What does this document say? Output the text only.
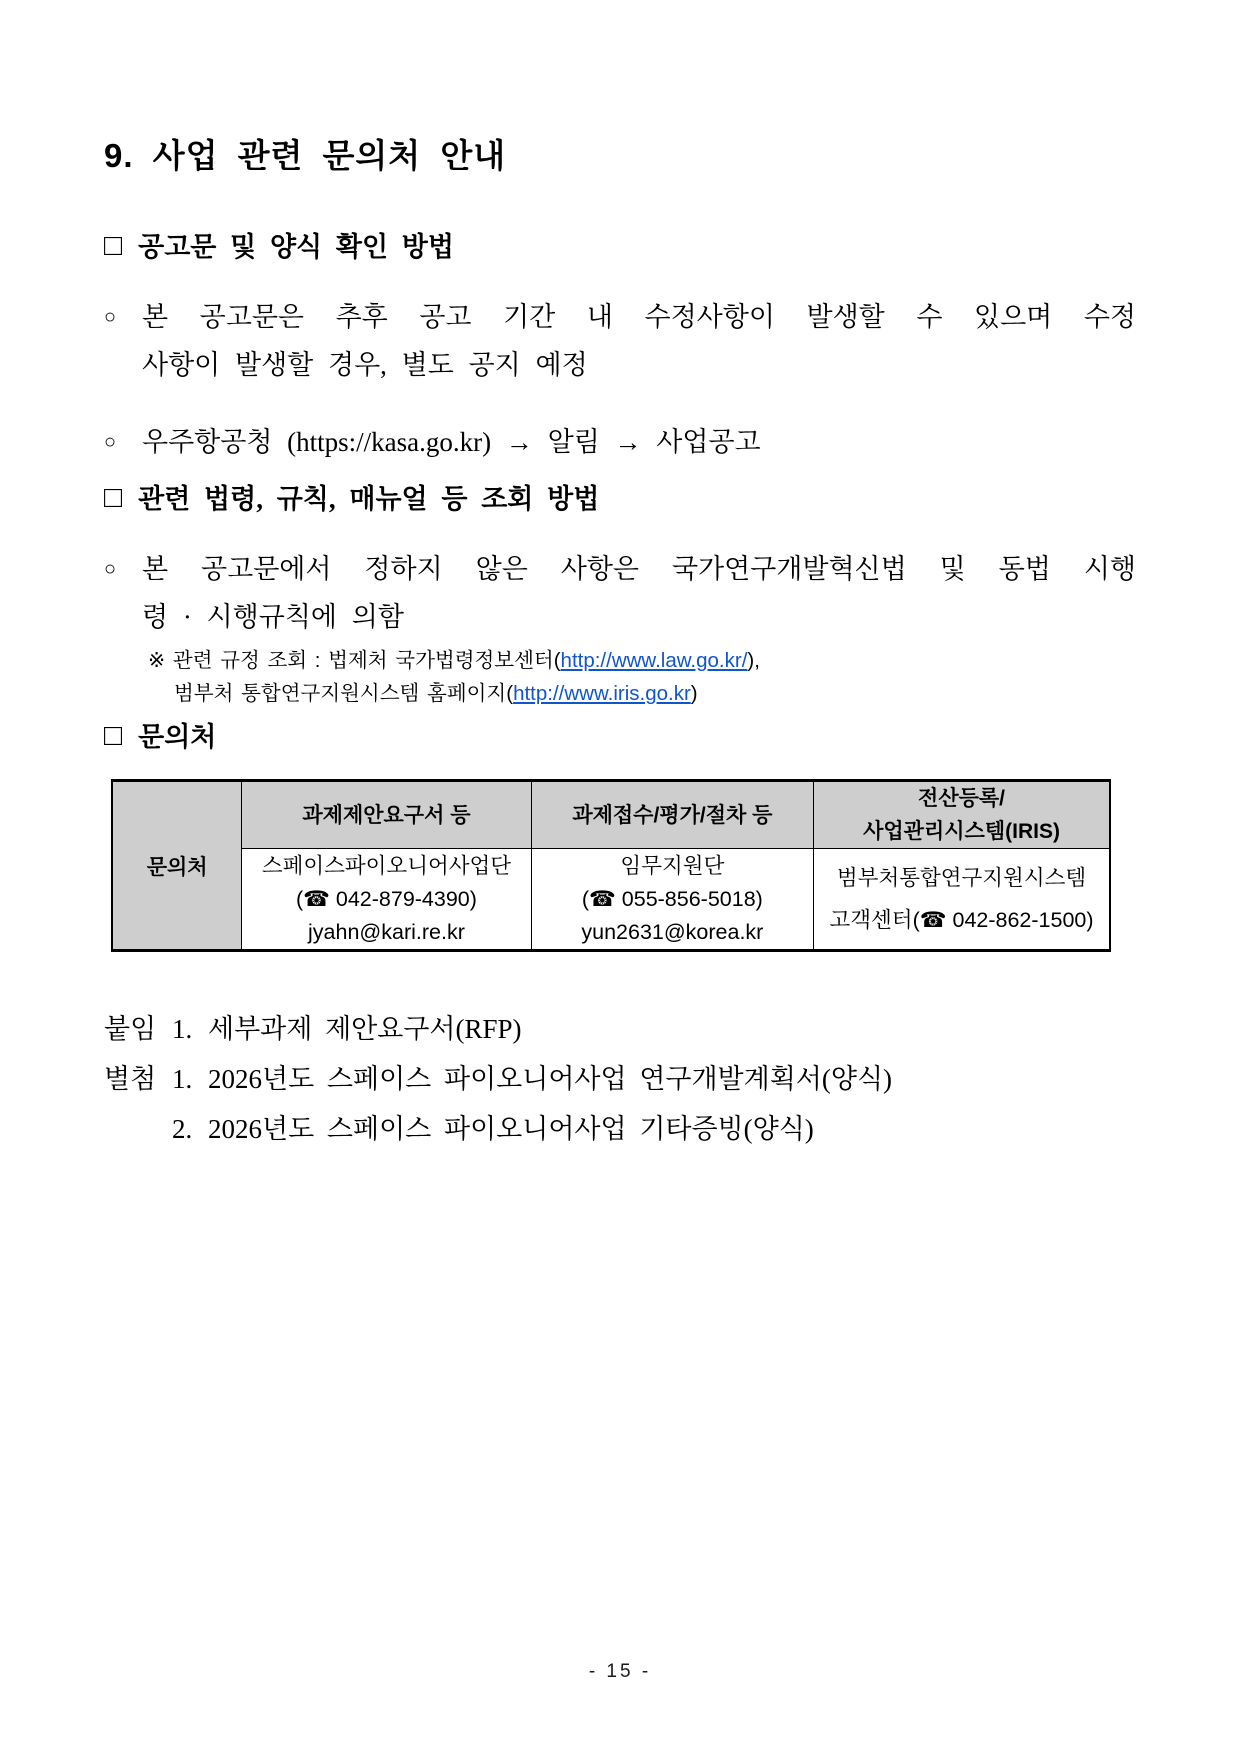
9. 사업 관련 문의처 안내
□ 공고문 및 양식 확인 방법
○ 본 공고문은 추후 공고 기간 내 수정사항이 발생할 수 있으며 수정
사항이 발생할 경우, 별도 공지 예정
○ 우주항공청 (https://kasa.go.kr) → 알림 → 사업공고
□ 관련 법령, 규칙, 매뉴얼 등 조회 방법
○ 본 공고문에서 정하지 않은 사항은 국가연구개발혁신법 및 동법 시행
령 · 시행규칙에 의함
※ 관련 규정 조회 : 법제처 국가법령정보센터(http://www.law.go.kr/),
범부처 통합연구지원시스템 홈페이지(http://www.iris.go.kr)
□ 문의처
문의처	과제제안요구서 등	과제접수/평가/절차 등	전산등록/
사업관리시스템(IRIS)

	스페이스파이오니어사업단
(☎ 042-879-4390)
jyahn@kari.re.kr	임무지원단
(☎ 055-856-5018)
yun2631@korea.kr	범부처통합연구지원시스템
고객센터(☎ 042-862-1500)
붙임 1. 세부과제 제안요구서(RFP)
별첨 1. 2026년도 스페이스 파이오니어사업 연구개발계획서(양식)
2. 2026년도 스페이스 파이오니어사업 기타증빙(양식)
- 15 -
